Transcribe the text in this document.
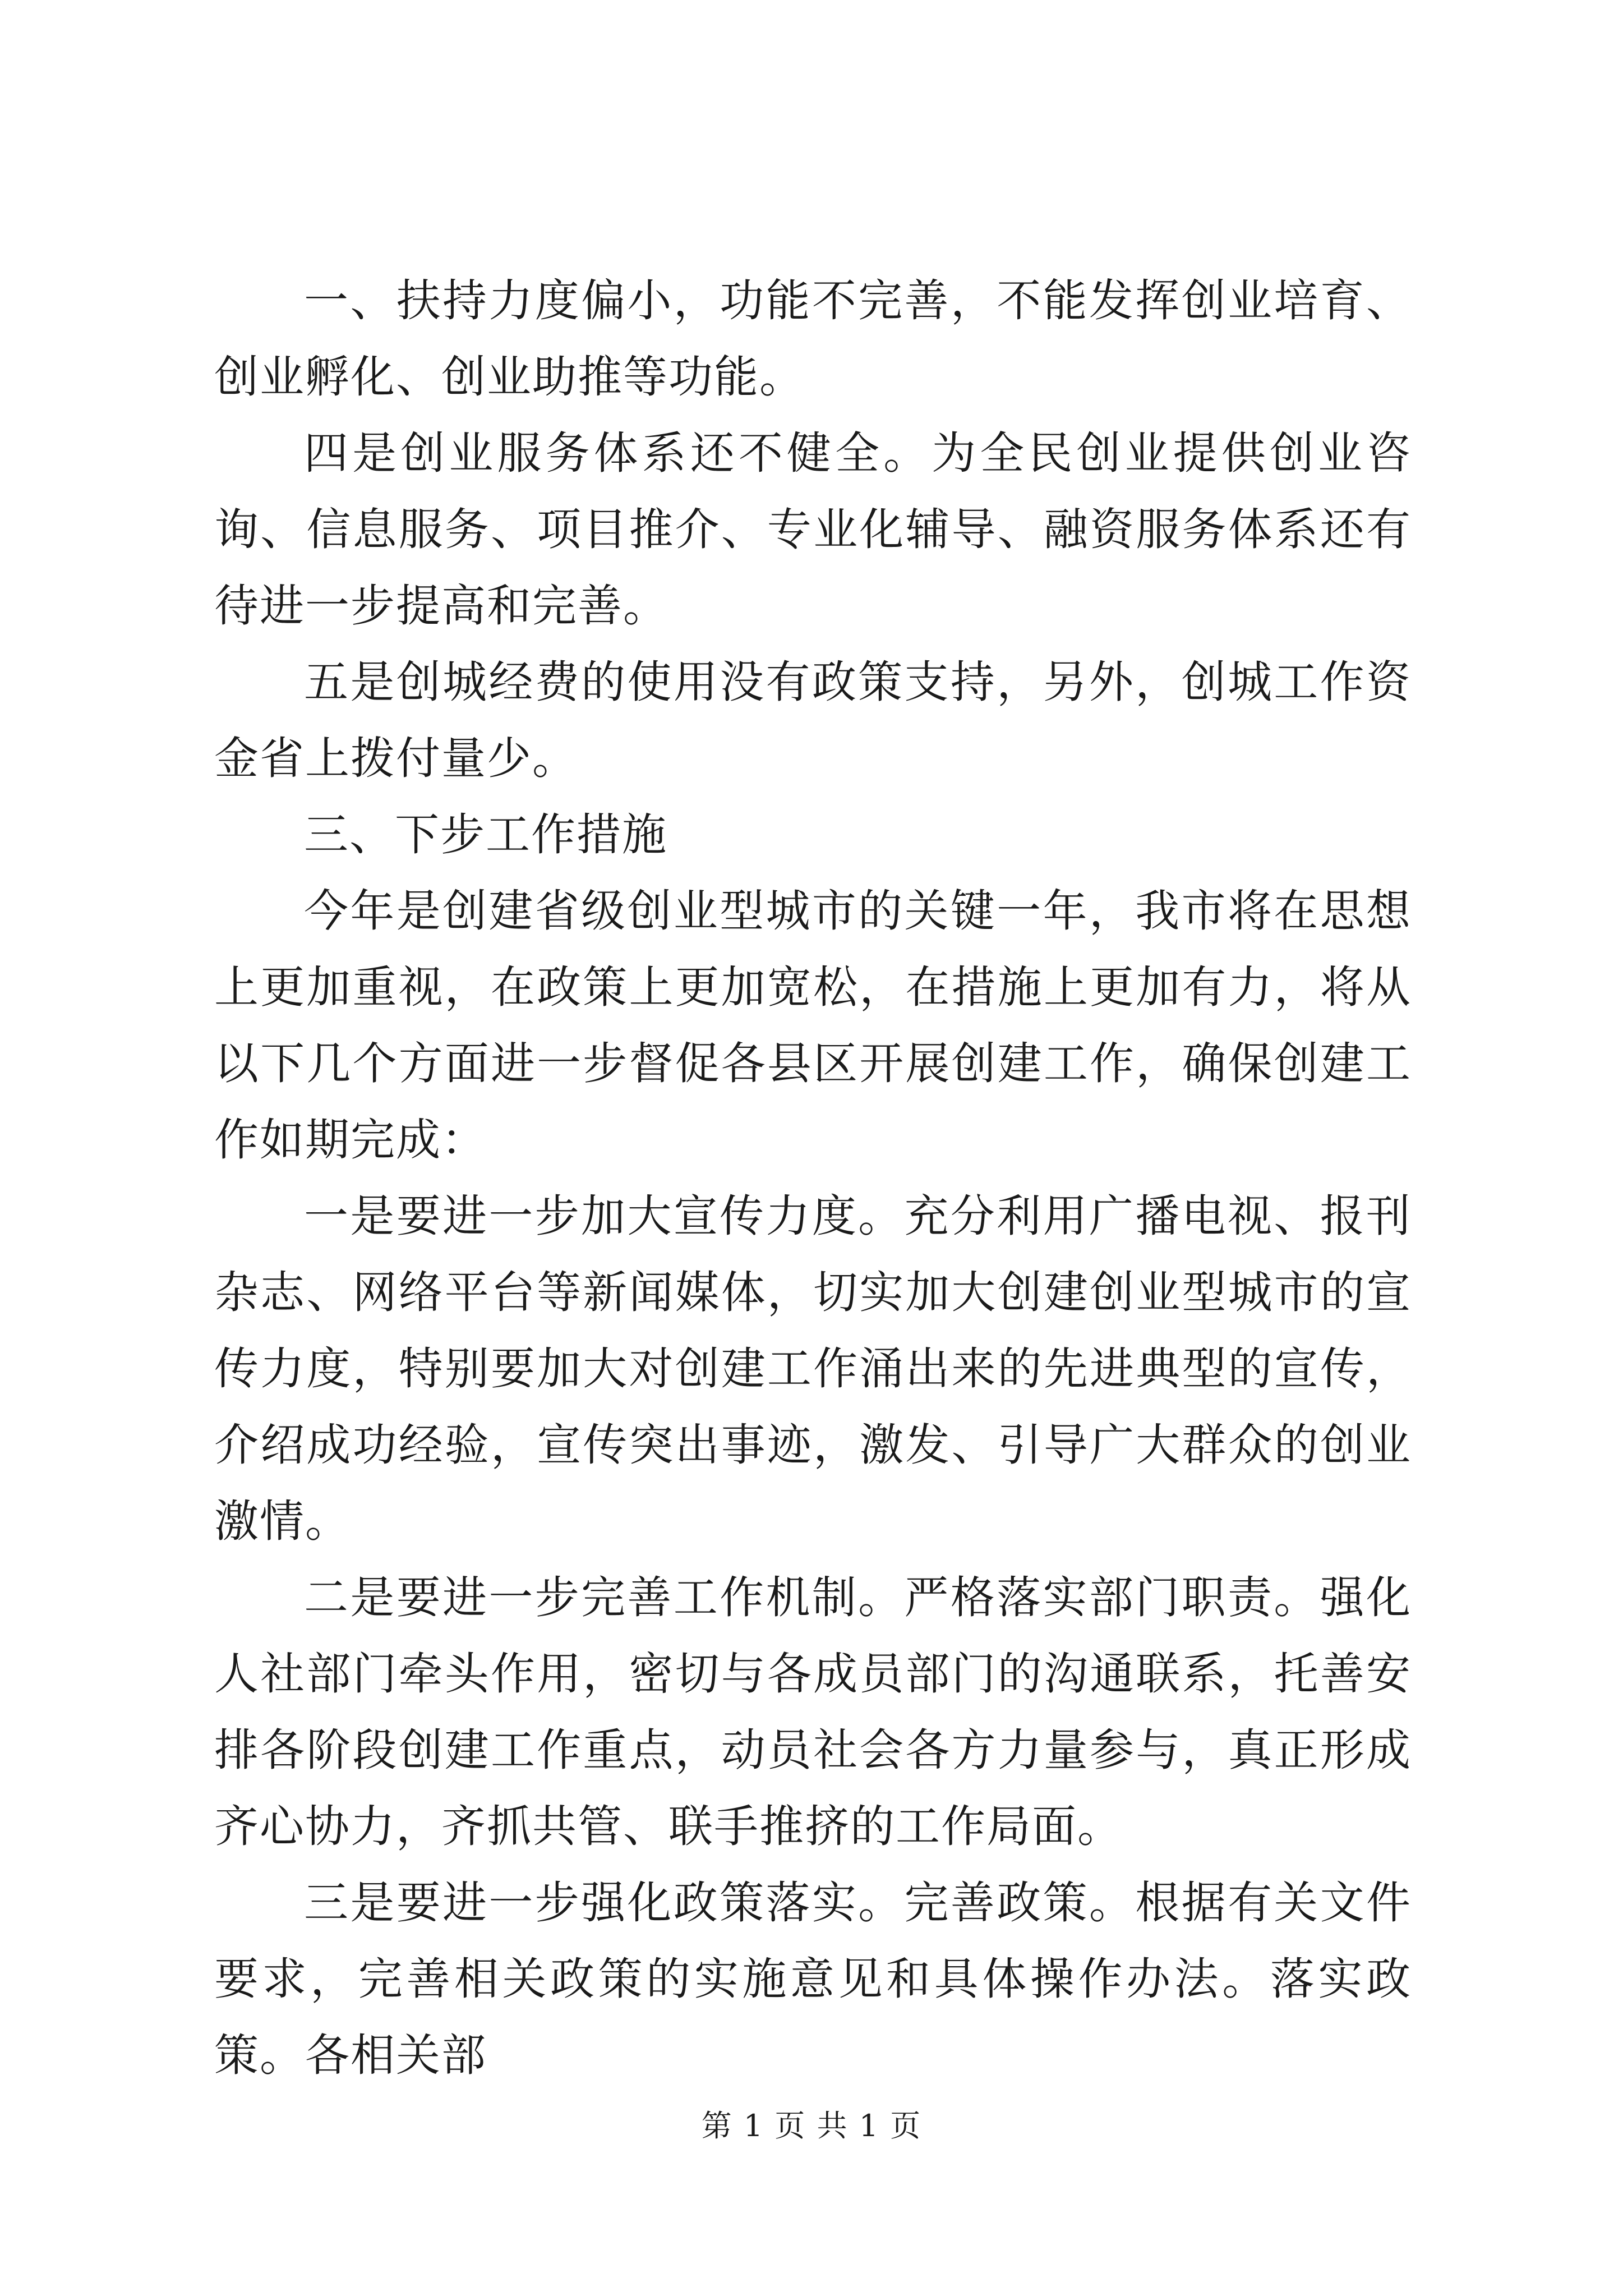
一、扶持力度偏小，功能不完善，不能发挥创业培育、创业孵化、创业助推等功能。

四是创业服务体系还不健全。为全民创业提供创业咨询、信息服务、项目推介、专业化辅导、融资服务体系还有待进一步提高和完善。

五是创城经费的使用没有政策支持，另外，创城工作资金省上拨付量少。

三、下步工作措施

今年是创建省级创业型城市的关键一年，我市将在思想上更加重视，在政策上更加宽松，在措施上更加有力，将从以下几个方面进一步督促各县区开展创建工作，确保创建工作如期完成：

一是要进一步加大宣传力度。充分利用广播电视、报刊杂志、网络平台等新闻媒体，切实加大创建创业型城市的宣传力度，特别要加大对创建工作涌出来的先进典型的宣传，介绍成功经验，宣传突出事迹，激发、引导广大群众的创业激情。

二是要进一步完善工作机制。严格落实部门职责。强化人社部门牵头作用，密切与各成员部门的沟通联系，托善安排各阶段创建工作重点，动员社会各方力量参与，真正形成齐心协力，齐抓共管、联手推挤的工作局面。

三是要进一步强化政策落实。完善政策。根据有关文件要求，完善相关政策的实施意见和具体操作办法。落实政策。各相关部

第 1 页 共 1 页
